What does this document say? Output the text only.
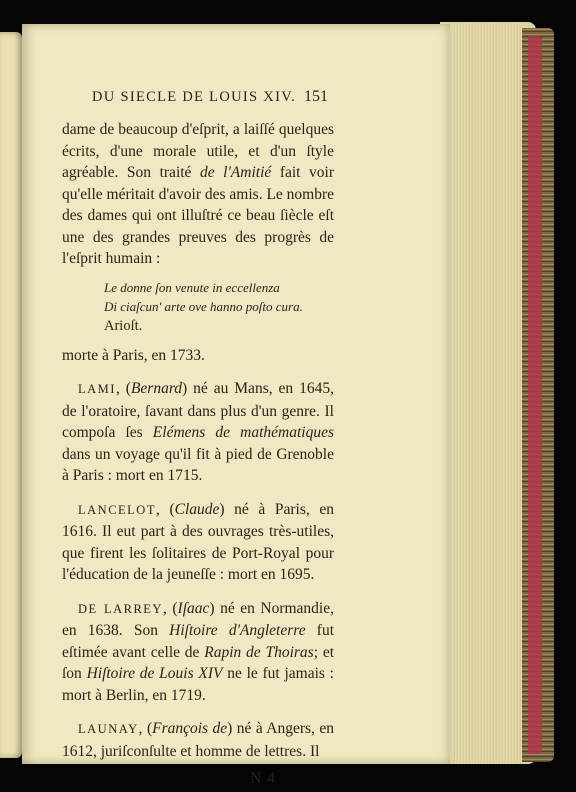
DU SIECLE DE LOUIS XIV. 151

dame de beaucoup d'eſprit, a laiſſé quelques écrits, d'une morale utile, et d'un ſtyle agréable. Son traité de l'Amitié fait voir qu'elle méritait d'avoir des amis. Le nombre des dames qui ont illuſtré ce beau ſiècle eſt une des grandes preuves des progrès de l'eſprit humain :

Le donne ſon venute in eccellenza
Di ciaſcun' arte ove hanno poſto cura. Arioſt.

morte à Paris, en 1733.

LAMI, (Bernard) né au Mans, en 1645, de l'oratoire, ſavant dans plus d'un genre. Il compoſa ſes Elémens de mathématiques dans un voyage qu'il fit à pied de Grenoble à Paris : mort en 1715.

LANCELOT, (Claude) né à Paris, en 1616. Il eut part à des ouvrages très-utiles, que firent les ſolitaires de Port-Royal pour l'éducation de la jeuneſſe : mort en 1695.

DE LARREY, (Iſaac) né en Normandie, en 1638. Son Hiſtoire d'Angleterre fut eſtimée avant celle de Rapin de Thoiras; et ſon Hiſtoire de Louis XIV ne le fut jamais : mort à Berlin, en 1719.

LAUNAY, (François de) né à Angers, en 1612, juriſconſulte et homme de lettres. Il

N 4
